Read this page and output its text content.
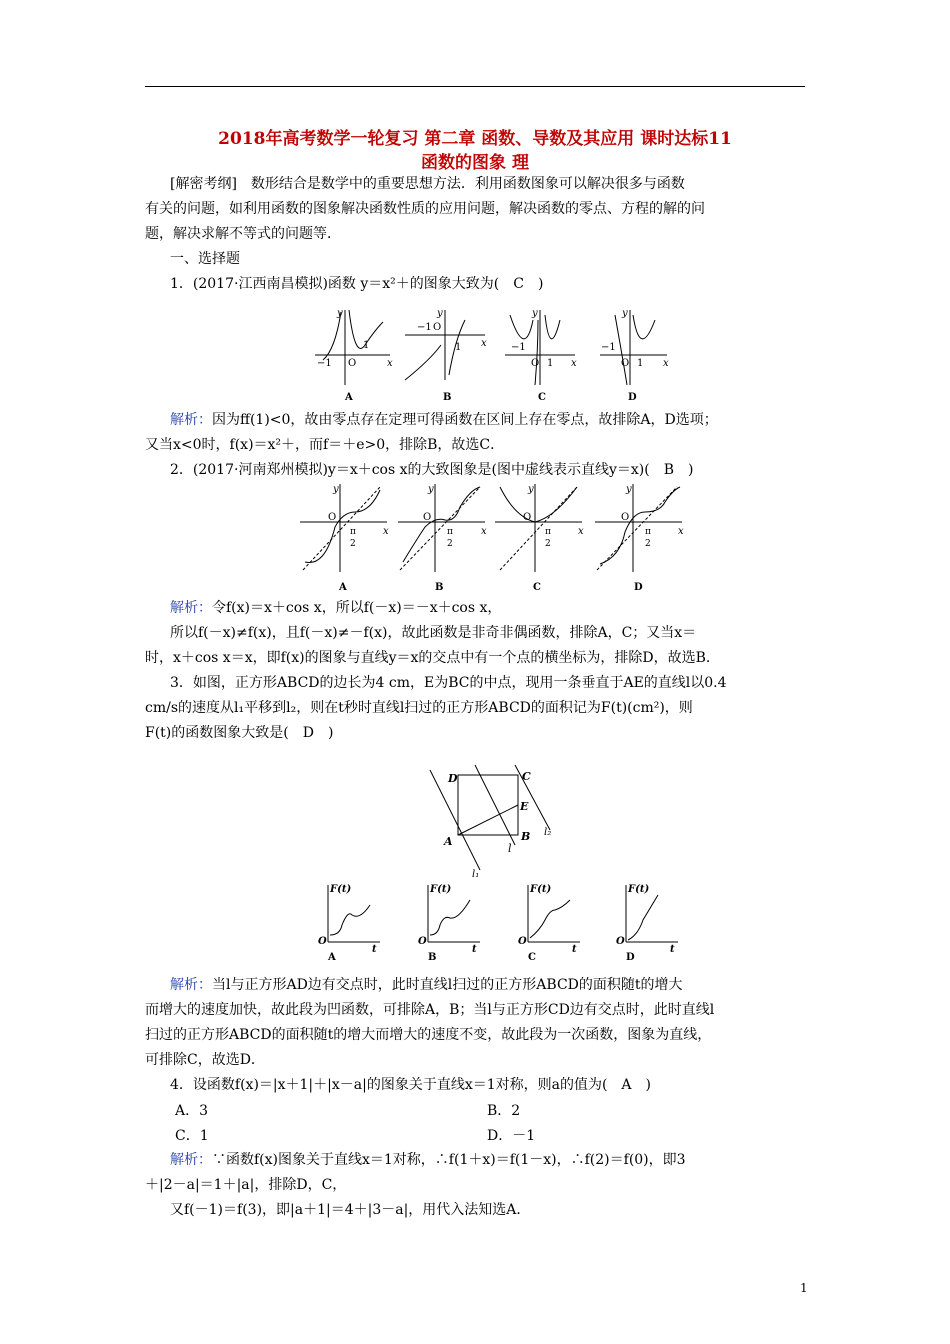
2018年高考数学一轮复习 第二章 函数、导数及其应用 课时达标11
函数的图象 理
[解密考纲]　数形结合是数学中的重要思想方法．利用函数图象可以解决很多与函数
有关的问题，如利用函数的图象解决函数性质的应用问题，解决函数的零点、方程的解的问
题，解决求解不等式的问题等．
一、选择题
1．(2017·江西南昌模拟)函数 y＝x²＋的图象大致为(　C　)
x
y
−1 O
1
A
x
y
−1 O
1
B
x
y
−1
O 1
C
x
y
−1
O 1
D
解析：因为ff(1)<0，故由零点存在定理可得函数在区间上存在零点，故排除A，D选项；
又当x<0时，f(x)＝x²＋，而f＝＋e>0，排除B，故选C．
2．(2017·河南郑州模拟)y＝x＋cos x的大致图象是(图中虚线表示直线y＝x)(　B　)
x
y
O
π
2
A
x
y
O
π
2
B
x
y
O
π
2
C
x
y
O
π
2
D
解析：令f(x)＝x＋cos x，所以f(－x)＝－x＋cos x，
所以f(－x)≠f(x)，且f(－x)≠－f(x)，故此函数是非奇非偶函数，排除A，C；又当x＝
时，x＋cos x＝x，即f(x)的图象与直线y＝x的交点中有一个点的横坐标为，排除D，故选B．
3．如图，正方形ABCD的边长为4 cm，E为BC的中点，现用一条垂直于AE的直线l以0.4
cm/s的速度从l₁平移到l₂，则在t秒时直线l扫过的正方形ABCD的面积记为F(t)(cm²)，则
F(t)的函数图象大致是(　D　)
D	C
E
B
A
l
l₁
l₂
F(t)
O
t
A
F(t)
O
t
B
F(t)
O
t
C
F(t)
O
t
D
解析：当l与正方形AD边有交点时，此时直线l扫过的正方形ABCD的面积随t的增大
而增大的速度加快，故此段为凹函数，可排除A，B；当l与正方形CD边有交点时，此时直线l
扫过的正方形ABCD的面积随t的增大而增大的速度不变，故此段为一次函数，图象为直线，
可排除C，故选D．
4．设函数f(x)＝|x＋1|＋|x－a|的图象关于直线x＝1对称，则a的值为(　A　)
A．3	B．2
C．1	D．－1
解析：∵函数f(x)图象关于直线x＝1对称，∴f(1＋x)＝f(1－x)，∴f(2)＝f(0)，即3
＋|2－a|＝1＋|a|，排除D，C，
又f(－1)＝f(3)，即|a＋1|＝4＋|3－a|，用代入法知选A．
1
